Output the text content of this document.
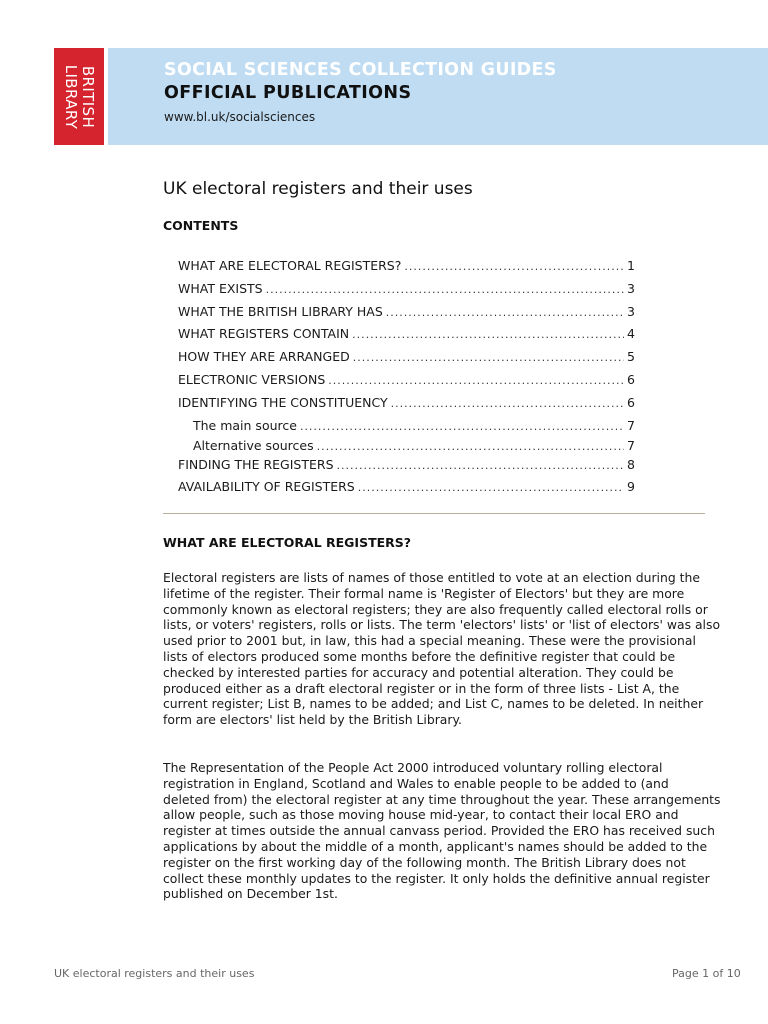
BRITISH
LIBRARY	SOCIAL SCIENCES COLLECTION GUIDES
OFFICIAL PUBLICATIONS
www.bl.uk/socialsciences
UK electoral registers and their uses
CONTENTS
WHAT ARE ELECTORAL REGISTERS? .....	1
WHAT EXISTS .....	3
WHAT THE BRITISH LIBRARY HAS .....	3
WHAT REGISTERS CONTAIN .....	4
HOW THEY ARE ARRANGED .....	5
ELECTRONIC VERSIONS .....	6
IDENTIFYING THE CONSTITUENCY .....	6
The main source .....	7
Alternative sources .....	7
FINDING THE REGISTERS .....	8
AVAILABILITY OF REGISTERS .....	9
WHAT ARE ELECTORAL REGISTERS?
Electoral registers are lists of names of those entitled to vote at an election during the
lifetime of the register. Their formal name is 'Register of Electors' but they are more
commonly known as electoral registers; they are also frequently called electoral rolls or
lists, or voters' registers, rolls or lists. The term 'electors' lists' or 'list of electors' was also
used prior to 2001 but, in law, this had a special meaning. These were the provisional
lists of electors produced some months before the definitive register that could be
checked by interested parties for accuracy and potential alteration. They could be
produced either as a draft electoral register or in the form of three lists - List A, the
current register; List B, names to be added; and List C, names to be deleted. In neither
form are electors' list held by the British Library.
The Representation of the People Act 2000 introduced voluntary rolling electoral
registration in England, Scotland and Wales to enable people to be added to (and
deleted from) the electoral register at any time throughout the year. These arrangements
allow people, such as those moving house mid-year, to contact their local ERO and
register at times outside the annual canvass period. Provided the ERO has received such
applications by about the middle of a month, applicant's names should be added to the
register on the first working day of the following month. The British Library does not
collect these monthly updates to the register. It only holds the definitive annual register
published on December 1st.
UK electoral registers and their uses	Page 1 of 10
